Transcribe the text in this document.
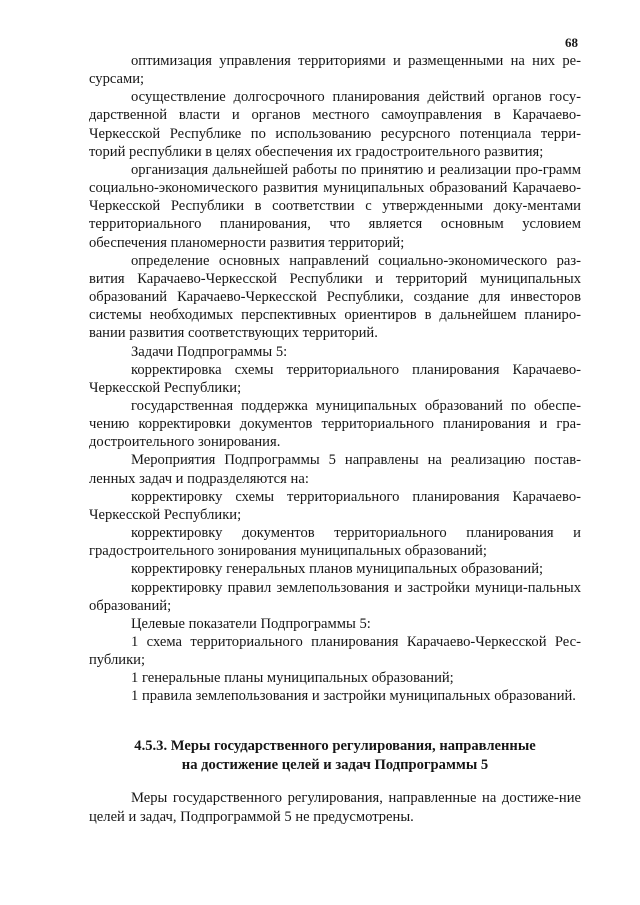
68

оптимизация управления территориями и размещенными на них ре-сурсами;

осуществление долгосрочного планирования действий органов госу-дарственной власти и органов местного самоуправления в Карачаево-Черкесской Республике по использованию ресурсного потенциала терри-торий республики в целях обеспечения их градостроительного развития;

организация дальнейшей работы по принятию и реализации про-грамм социально-экономического развития муниципальных образований Карачаево-Черкесской Республики в соответствии с утвержденными доку-ментами территориального планирования, что является основным условием обеспечения планомерности развития территорий;

определение основных направлений социально-экономического раз-вития Карачаево-Черкесской Республики и территорий муниципальных образований Карачаево-Черкесской Республики, создание для инвесторов системы необходимых перспективных ориентиров в дальнейшем планиро-вании развития соответствующих территорий.

Задачи Подпрограммы 5:

корректировка схемы территориального планирования Карачаево-Черкесской Республики;

государственная поддержка муниципальных образований по обеспе-чению корректировки документов территориального планирования и гра-достроительного зонирования.

Мероприятия Подпрограммы 5 направлены на реализацию постав-ленных задач и подразделяются на:

корректировку схемы территориального планирования Карачаево-Черкесской Республики;

корректировку документов территориального планирования и градостроительного зонирования муниципальных образований;

корректировку генеральных планов муниципальных образований;

корректировку правил землепользования и застройки муници-пальных образований;

Целевые показатели Подпрограммы 5:

1 схема территориального планирования Карачаево-Черкесской Рес-публики;

1 генеральные планы муниципальных образований;

1 правила землепользования и застройки муниципальных образований.

4.5.3. Меры государственного регулирования, направленные
на достижение целей и задач Подпрограммы 5

Меры государственного регулирования, направленные на достиже-ние целей и задач, Подпрограммой 5 не предусмотрены.
